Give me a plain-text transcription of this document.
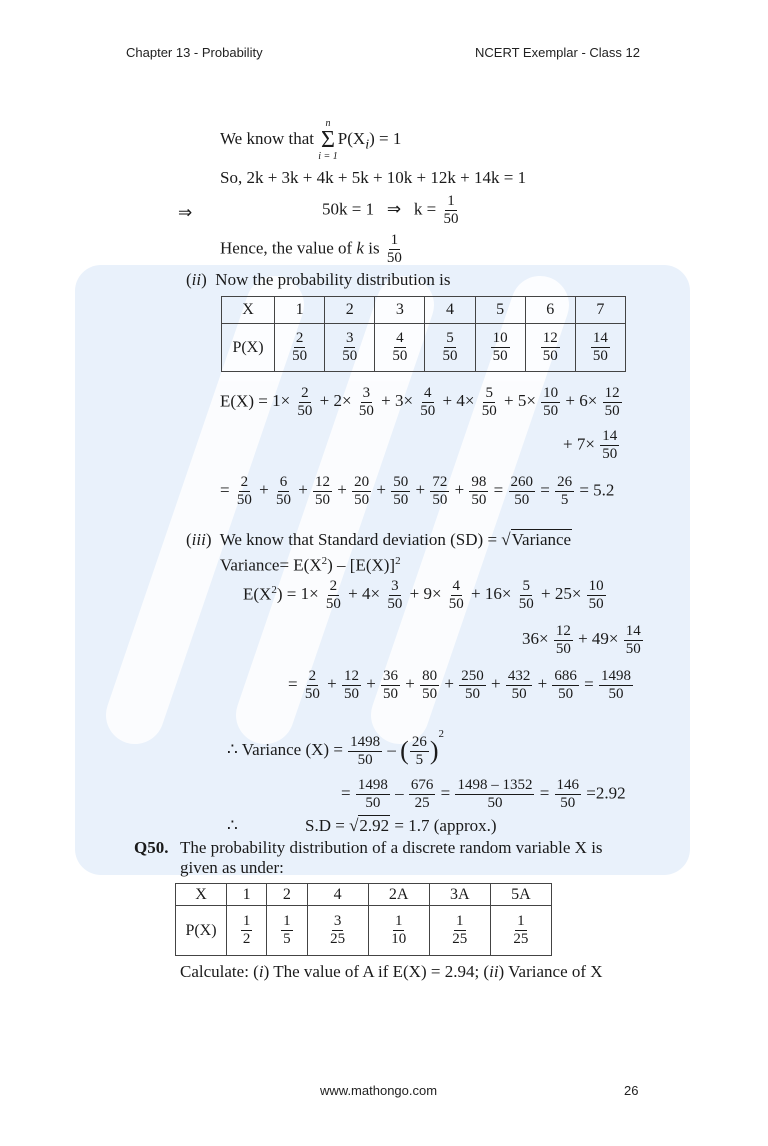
Chapter 13 - Probability	NCERT Exemplar - Class 12
We know that
n
Σ
i = 1
$P(X_i) = 1$
So, 2k + 3k + 4k + 5k + 10k + 12k + 14k = 1
⇒	50k = 1 ⇒ $k = \frac{1}{50}$
Hence, the value of k is $\frac{1}{50}$
(ii)  Now the probability distribution is
X	1	2	3	4	5	6	7
P(X)	$\frac{2}{50}$	$\frac{3}{50}$	$\frac{4}{50}$	$\frac{5}{50}$	$\frac{10}{50}$	$\frac{12}{50}$	$\frac{14}{50}$
$E(X) = 1\times \frac{2}{50} + 2\times \frac{3}{50} + 3\times \frac{4}{50} + 4\times \frac{5}{50} + 5\times \frac{10}{50} + 6\times \frac{12}{50}$
+ $7\times \frac{14}{50}$
= $\frac{2}{50} + \frac{6}{50} + \frac{12}{50} + \frac{20}{50} + \frac{50}{50} + \frac{72}{50} + \frac{98}{50} = \frac{260}{50} = \frac{26}{5} = 5.2$
(iii)  We know that Standard deviation (SD) = √Variance
Variance= $E(X^2) - [E(X)]^2$
$E(X^2) = 1\times \frac{2}{50} + 4\times \frac{3}{50} + 9\times \frac{4}{50} + 16\times \frac{5}{50} + 25\times \frac{10}{50}$
$36\times \frac{12}{50} + 49\times \frac{14}{50}$
= $\frac{2}{50} + \frac{12}{50} + \frac{36}{50} + \frac{80}{50} + \frac{250}{50} + \frac{432}{50} + \frac{686}{50} = \frac{1498}{50}$
∴ Variance $(X) = \frac{1498}{50}$ – ( $\frac{26}{5} )^2$
= $\frac{1498}{50} - \frac{676}{25} = \frac{1498 - 1352}{50} = \frac{146}{50} =2.92$
∴	S.D = √2.92 = 1.7 (approx.)
Q50. The probability distribution of a discrete random variable X is
given as under:
X	1	2	4	2A	3A	5A
P(X)	$\frac{1}{2}$	$\frac{1}{5}$	$\frac{3}{25}$	$\frac{1}{10}$	$\frac{1}{25}$	$\frac{1}{25}$
Calculate: (i) The value of A if E(X) = 2.94; (ii) Variance of X
www.mathongo.com	26
